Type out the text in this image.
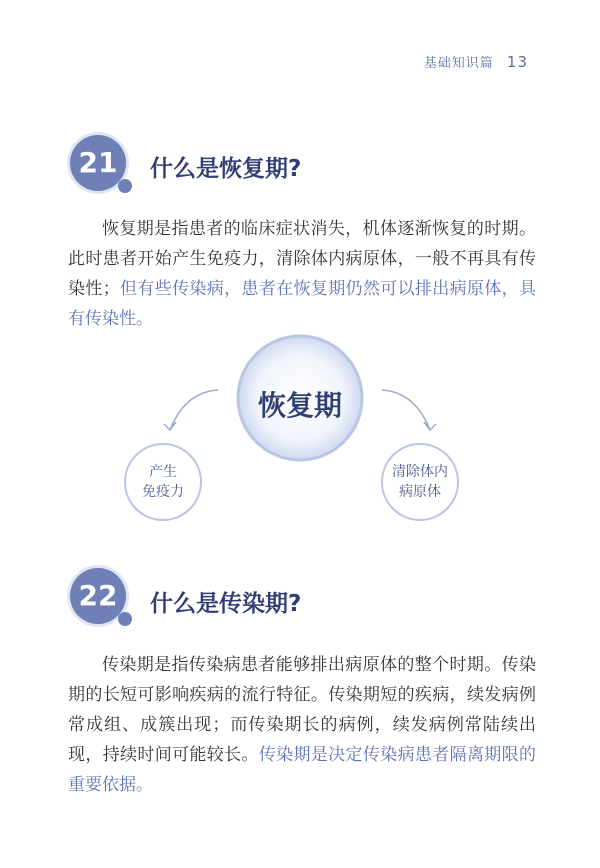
基础知识篇 13
21	什么是恢复期?
恢复期是指患者的临床症状消失，机体逐渐恢复的时期。此时患者开始产生免疫力，清除体内病原体，一般不再具有传染性；但有些传染病，患者在恢复期仍然可以排出病原体，具有传染性。
恢复期
产生
免疫力
清除体内
病原体
22	什么是传染期?
传染期是指传染病患者能够排出病原体的整个时期。传染期的长短可影响疾病的流行特征。传染期短的疾病，续发病例常成组、成簇出现；而传染期长的病例，续发病例常陆续出现，持续时间可能较长。传染期是决定传染病患者隔离期限的重要依据。
